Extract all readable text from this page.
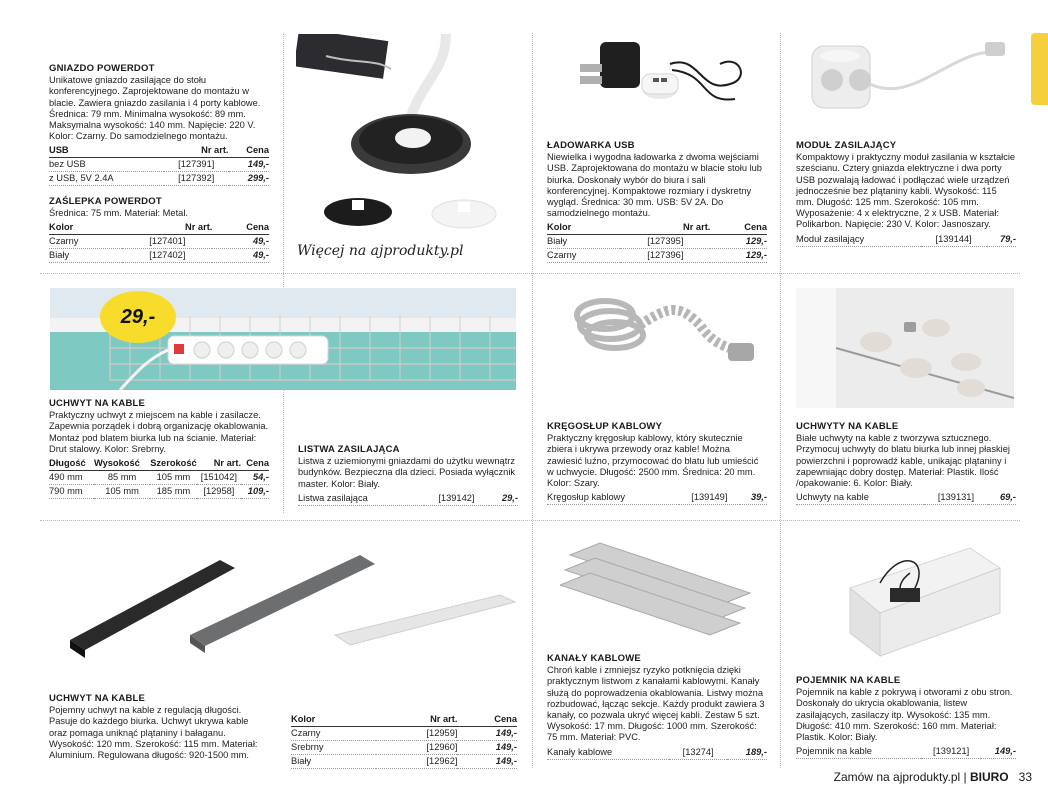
GNIAZDO POWERDOT

Unikatowe gniazdo zasilające do stołu konferencyjnego. Zaprojektowane do montażu w blacie. Zawiera gniazdo zasilania i 4 porty kablowe. Średnica: 79 mm. Minimalna wysokość: 89 mm. Maksymalna wysokość: 140 mm. Napięcie: 220 V. Kolor: Czarny. Do samodzielnego montażu.

USB	Nr art.	Cena
bez USB	[127391]	149,-
z USB, 5V 2.4A	[127392]	299,-
ZAŚLEPKA POWERDOT

Średnica: 75 mm. Materiał: Metal.

Kolor	Nr art.	Cena
Czarny	[127401]	49,-
Biały	[127402]	49,- Więcej na ajprodukty.pl
ŁADOWARKA USB

Niewielka i wygodna ładowarka z dwoma wejściami USB. Zaprojektowana do montażu w blacie stołu lub biurka. Doskonały wybór do biura i sali konferencyjnej. Kompaktowe rozmiary i dyskretny wygląd. Średnica: 30 mm. USB: 5V 2A. Do samodzielnego montażu.

Kolor	Nr art.	Cena
Biały	[127395]	129,-
Czarny	[127396]	129,-
MODUŁ ZASILAJĄCY

Kompaktowy i praktyczny moduł zasilania w kształcie sześcianu. Cztery gniazda elektryczne i dwa porty USB pozwalają ładować i podłączać wiele urządzeń jednocześnie bez plątaniny kabli. Wysokość: 115 mm. Długość: 125 mm. Szerokość: 105 mm. Wyposażenie: 4 x elektryczne, 2 x USB. Materiał: Polikarbon. Napięcie: 230 V. Kolor: Jasnoszary.

Moduł zasilający	[139144]	79,-
29,-
UCHWYT NA KABLE

Praktyczny uchwyt z miejscem na kable i zasilacze. Zapewnia porządek i dobrą organizację okablowania. Montaż pod blatem biurka lub na ścianie. Materiał: Drut stalowy. Kolor: Srebrny.

Długość	Wysokość	Szerokość	Nr art.	Cena
490 mm	85 mm	105 mm	[151042]	54,-
790 mm	105 mm	185 mm	[12958]	109,-
LISTWA ZASILAJĄCA

Listwa z uziemionymi gniazdami do użytku wewnątrz budynków. Bezpieczna dla dzieci. Posiada wyłącznik master. Kolor: Biały.

Listwa zasilająca	[139142]	29,-
KRĘGOSŁUP KABLOWY

Praktyczny kręgosłup kablowy, który skutecznie zbiera i ukrywa przewody oraz kable! Można zawiesić luźno, przymocować do blatu lub umieścić w uchwycie. Długość: 2500 mm. Średnica: 20 mm. Kolor: Szary.

Kręgosłup kablowy	[139149]	39,-
UCHWYTY NA KABLE

Białe uchwyty na kable z tworzywa sztucznego. Przymocuj uchwyty do blatu biurka lub innej płaskiej powierzchni i poprowadź kable, unikając plątaniny i zapewniając dobry dostęp. Materiał: Plastik. Ilość /opakowanie: 6. Kolor: Biały.

Uchwyty na kable	[139131]	69,-
UCHWYT NA KABLE

Pojemny uchwyt na kable z regulacją długości. Pasuje do każdego biurka. Uchwyt ukrywa kable oraz pomaga uniknąć plątaniny i bałaganu. Wysokość: 120 mm. Szerokość: 115 mm. Materiał: Aluminium. Regulowana długość: 920-1500 mm.

Kolor	Nr art.	Cena
Czarny	[12959]	149,-
Srebrny	[12960]	149,-
Biały	[12962]	149,-
KANAŁY KABLOWE

Chroń kable i zmniejsz ryzyko potknięcia dzięki praktycznym listwom z kanałami kablowymi. Kanały służą do poprowadzenia okablowania. Listwy można rozbudować, łącząc sekcje. Każdy produkt zawiera 3 kanały, co pozwala ukryć więcej kabli. Zestaw 5 szt. Wysokość: 17 mm. Długość: 1000 mm. Szerokość: 75 mm. Materiał: PVC.

Kanały kablowe	[13274]	189,-
POJEMNIK NA KABLE

Pojemnik na kable z pokrywą i otworami z obu stron. Doskonały do ukrycia okablowania, listew zasilających, zasilaczy itp. Wysokość: 135 mm. Długość: 410 mm. Szerokość: 160 mm. Materiał: Plastik. Kolor: Biały.

Pojemnik na kable	[139121]	149,-
Zamów na ajprodukty.pl | BIURO 33
